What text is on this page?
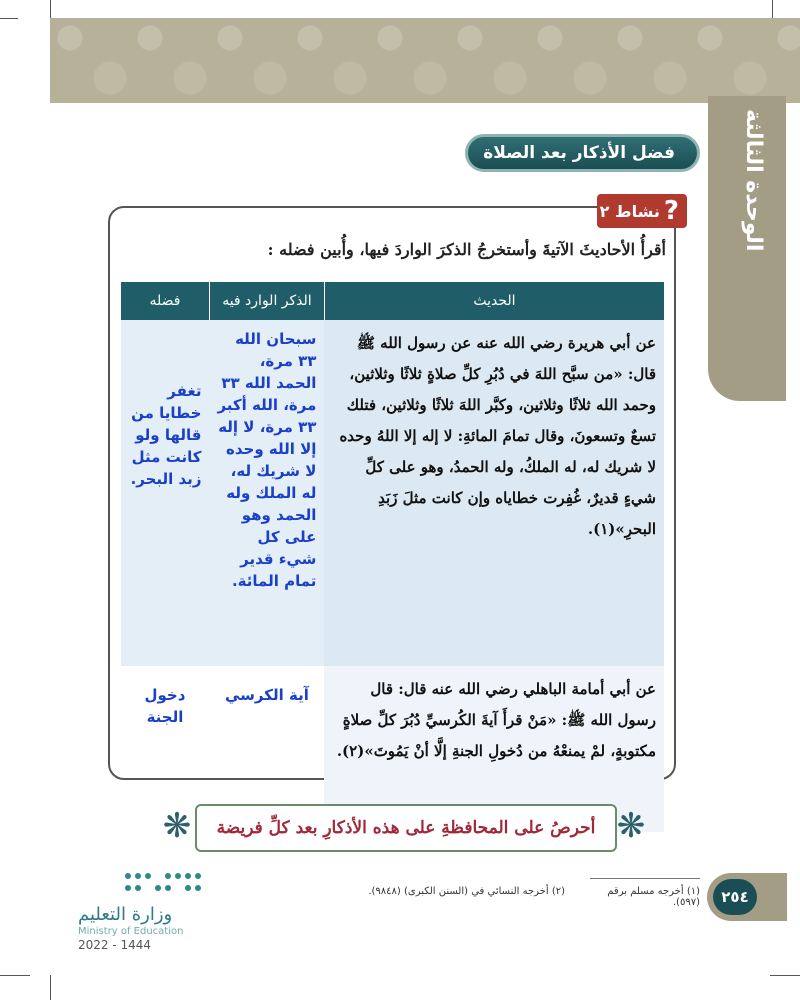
الوحدة الثالثة
فضل الأذكار بعد الصلاة
?
نشاط ٢
أقرأُ الأحاديثَ الآتيةَ وأستخرجُ الذكرَ الواردَ فيها، وأُبين فضله :
الحديث	الذكر الوارد فيه	فضله
عن أبي هريرة رضي الله عنه عن رسول الله ﷺ قال: «من سبَّح اللهَ في دُبُرِ كلِّ صلاةٍ ثلاثًا وثلاثين، وحمد الله ثلاثًا وثلاثين، وكبَّر اللهَ ثلاثًا وثلاثين، فتلك تسعٌ وتسعونَ، وقال تمامَ المائةِ: لا إله إلا اللهُ وحده لا شريك له، له الملكُ، وله الحمدُ، وهو على كلِّ شيءٍ قديرٌ، غُفِرت خطاياه وإن كانت مثلَ زَبَدِ البحرِ»(١).	سبحان الله ٣٣ مرة، الحمد الله ٣٣ مرة، الله أكبر ٣٣ مرة، لا إله إلا الله وحده لا شريك له، له الملك وله الحمد وهو على كل شيء قدير تمام المائة.	تغفر خطايا من قالها ولو كانت مثل زبد البحر.
عن أبي أمامة الباهلي رضي الله عنه قال: قال رسول الله ﷺ: «مَنْ قرأَ آيةَ الكُرسيِّ دُبُرَ كلِّ صلاةٍ مكتوبةٍ، لمْ يمنعْهُ من دُخولِ الجنةِ إلَّا أنْ يَمُوتَ»(٢).	آية الكرسي	دخول الجنة
❋	أحرصُ على المحافظةِ على هذه الأذكارِ بعد كلِّ فريضة ❋
٢٥٤
(١) أخرجه مسلم برقم (٥٩٧).
(٢) أخرجه النسائي في (السنن الكبرى) (٩٨٤٨).
وزارة التعليم
Ministry of Education
2022 - 1444
